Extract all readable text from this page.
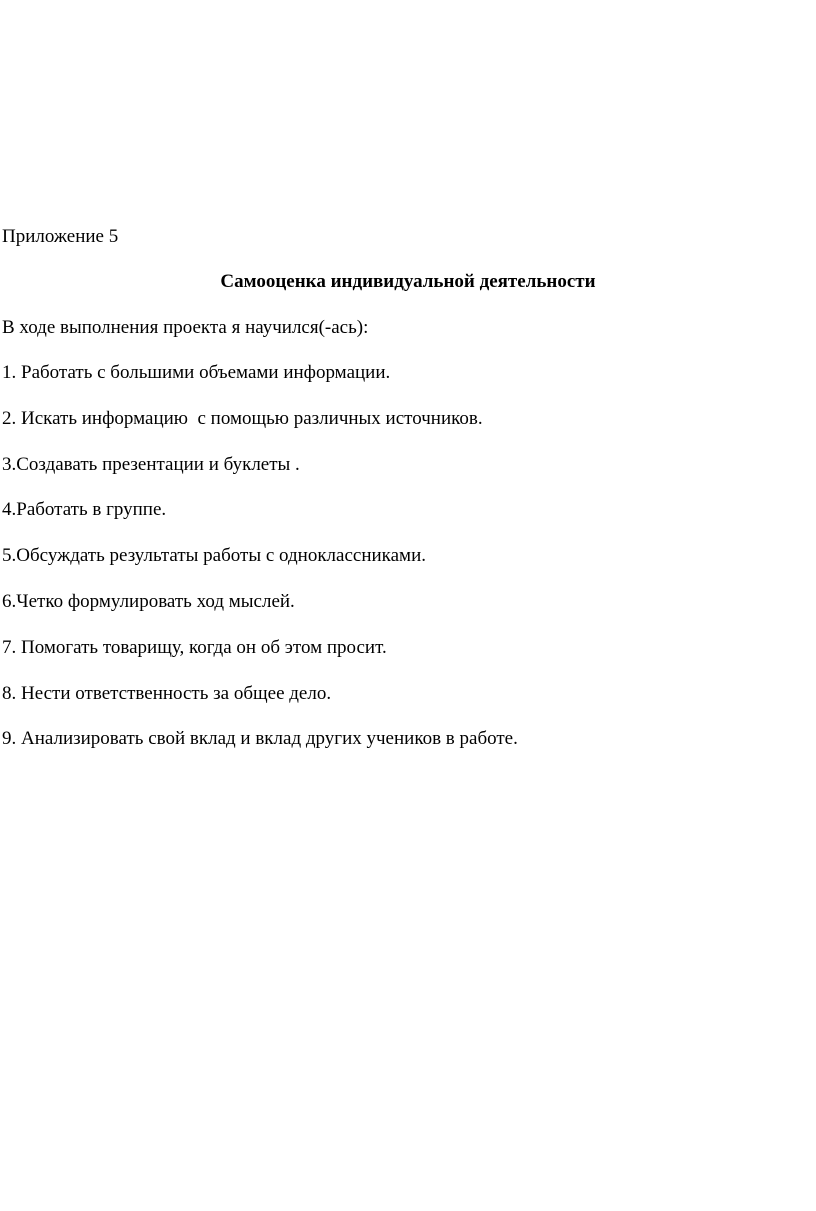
Приложение 5
Самооценка индивидуальной деятельности
В ходе выполнения проекта я научился(-ась):
1. Работать с большими объемами информации.
2. Искать информацию  с помощью различных источников.
3.Создавать презентации и буклеты .
4.Работать в группе.
5.Обсуждать результаты работы с одноклассниками.
6.Четко формулировать ход мыслей.
7. Помогать товарищу, когда он об этом просит.
8. Нести ответственность за общее дело.
9. Анализировать свой вклад и вклад других учеников в работе.
